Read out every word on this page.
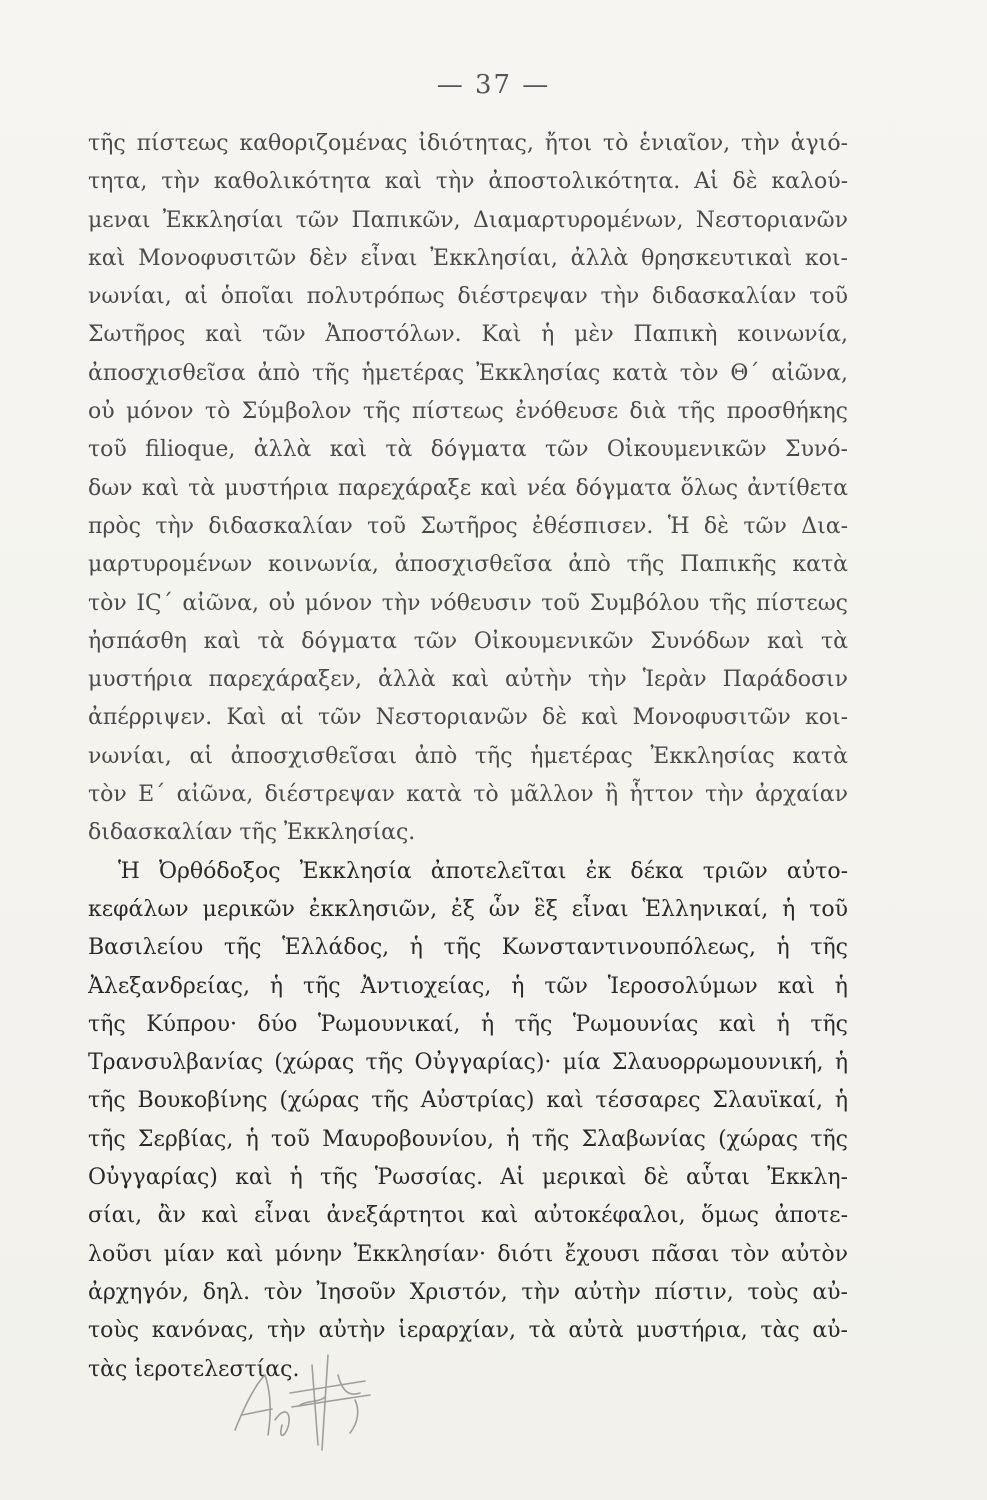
— 37 —
τῆς πίστεως καθοριζομένας ἰδιότητας, ἤτοι τὸ ἑνιαῖον, τὴν ἁγιό-
τητα, τὴν καθολικότητα καὶ τὴν ἀποστολικότητα. Αἱ δὲ καλού-
μεναι Ἐκκλησίαι τῶν Παπικῶν, Διαμαρτυρομένων, Νεστοριανῶν
καὶ Μονοφυσιτῶν δὲν εἶναι Ἐκκλησίαι, ἀλλὰ θρησκευτικαὶ κοι-
νωνίαι, αἱ ὁποῖαι πολυτρόπως διέστρεψαν τὴν διδασκαλίαν τοῦ
Σωτῆρος καὶ τῶν Ἀποστόλων. Καὶ ἡ μὲν Παπικὴ κοινωνία,
ἀποσχισθεῖσα ἀπὸ τῆς ἡμετέρας Ἐκκλησίας κατὰ τὸν Θ΄ αἰῶνα,
οὐ μόνον τὸ Σύμβολον τῆς πίστεως ἐνόθευσε διὰ τῆς προσθήκης
τοῦ filioque, ἀλλὰ καὶ τὰ δόγματα τῶν Οἰκουμενικῶν Συνό-
δων καὶ τὰ μυστήρια παρεχάραξε καὶ νέα δόγματα ὅλως ἀντίθετα
πρὸς τὴν διδασκαλίαν τοῦ Σωτῆρος ἐθέσπισεν. Ἡ δὲ τῶν Δια-
μαρτυρομένων κοινωνία, ἀποσχισθεῖσα ἀπὸ τῆς Παπικῆς κατὰ
τὸν ΙϚ΄ αἰῶνα, οὐ μόνον τὴν νόθευσιν τοῦ Συμβόλου τῆς πίστεως
ἠσπάσθη καὶ τὰ δόγματα τῶν Οἰκουμενικῶν Συνόδων καὶ τὰ
μυστήρια παρεχάραξεν, ἀλλὰ καὶ αὐτὴν τὴν Ἱερὰν Παράδοσιν
ἀπέρριψεν. Καὶ αἱ τῶν Νεστοριανῶν δὲ καὶ Μονοφυσιτῶν κοι-
νωνίαι, αἱ ἀποσχισθεῖσαι ἀπὸ τῆς ἡμετέρας Ἐκκλησίας κατὰ
τὸν Ε΄ αἰῶνα, διέστρεψαν κατὰ τὸ μᾶλλον ἢ ἧττον τὴν ἀρχαίαν
διδασκαλίαν τῆς Ἐκκλησίας.
Ἡ Ὀρθόδοξος Ἐκκλησία ἀποτελεῖται ἐκ δέκα τριῶν αὐτο-
κεφάλων μερικῶν ἐκκλησιῶν, ἐξ ὧν ἓξ εἶναι Ἑλληνικαί, ἡ τοῦ
Βασιλείου τῆς Ἑλλάδος, ἡ τῆς Κωνσταντινουπόλεως, ἡ τῆς
Ἀλεξανδρείας, ἡ τῆς Ἀντιοχείας, ἡ τῶν Ἱεροσολύμων καὶ ἡ
τῆς Κύπρου· δύο Ῥωμουνικαί, ἡ τῆς Ῥωμουνίας καὶ ἡ τῆς
Τρανσυλβανίας (χώρας τῆς Οὐγγαρίας)· μία Σλαυορρωμουνική, ἡ
τῆς Βουκοβίνης (χώρας τῆς Αὐστρίας) καὶ τέσσαρες Σλαυϊκαί, ἡ
τῆς Σερβίας, ἡ τοῦ Μαυροβουνίου, ἡ τῆς Σλαβωνίας (χώρας τῆς
Οὐγγαρίας) καὶ ἡ τῆς Ῥωσσίας. Αἱ μερικαὶ δὲ αὗται Ἐκκλη-
σίαι, ἂν καὶ εἶναι ἀνεξάρτητοι καὶ αὐτοκέφαλοι, ὅμως ἀποτε-
λοῦσι μίαν καὶ μόνην Ἐκκλησίαν· διότι ἔχουσι πᾶσαι τὸν αὐτὸν
ἀρχηγόν, δηλ. τὸν Ἰησοῦν Χριστόν, τὴν αὐτὴν πίστιν, τοὺς αὐ-
τοὺς κανόνας, τὴν αὐτὴν ἱεραρχίαν, τὰ αὐτὰ μυστήρια, τὰς αὐ-
τὰς ἱεροτελεστίας.
